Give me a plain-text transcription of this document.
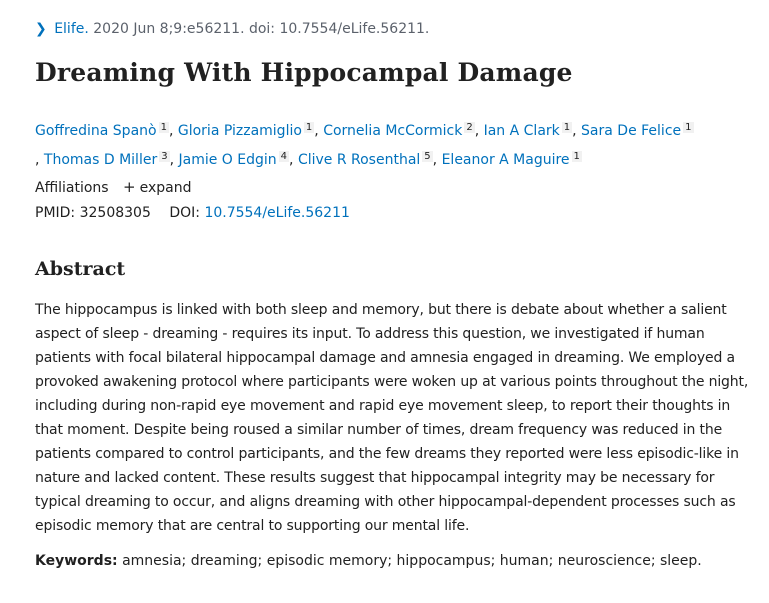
❯ Elife. 2020 Jun 8;9:e56211. doi: 10.7554/eLife.56211.
Dreaming With Hippocampal Damage
Goffredina Spanò $^1$ , Gloria Pizzamiglio $^1$ , Cornelia McCormick $^2$ , Ian A Clark $^1$ , Sara De Felice $^1$
, Thomas D Miller $^3$ , Jamie O Edgin $^4$ , Clive R Rosenthal $^5$ , Eleanor A Maguire $^1$
Affiliations + expand
PMID: 32508305 DOI: 10.7554/eLife.56211
Abstract

The hippocampus is linked with both sleep and memory, but there is debate about whether a salient aspect of sleep - dreaming - requires its input. To address this question, we investigated if human patients with focal bilateral hippocampal damage and amnesia engaged in dreaming. We employed a provoked awakening protocol where participants were woken up at various points throughout the night, including during non-rapid eye movement and rapid eye movement sleep, to report their thoughts in that moment. Despite being roused a similar number of times, dream frequency was reduced in the patients compared to control participants, and the few dreams they reported were less episodic-like in nature and lacked content. These results suggest that hippocampal integrity may be necessary for typical dreaming to occur, and aligns dreaming with other hippocampal-dependent processes such as episodic memory that are central to supporting our mental life.

Keywords: amnesia; dreaming; episodic memory; hippocampus; human; neuroscience; sleep.
